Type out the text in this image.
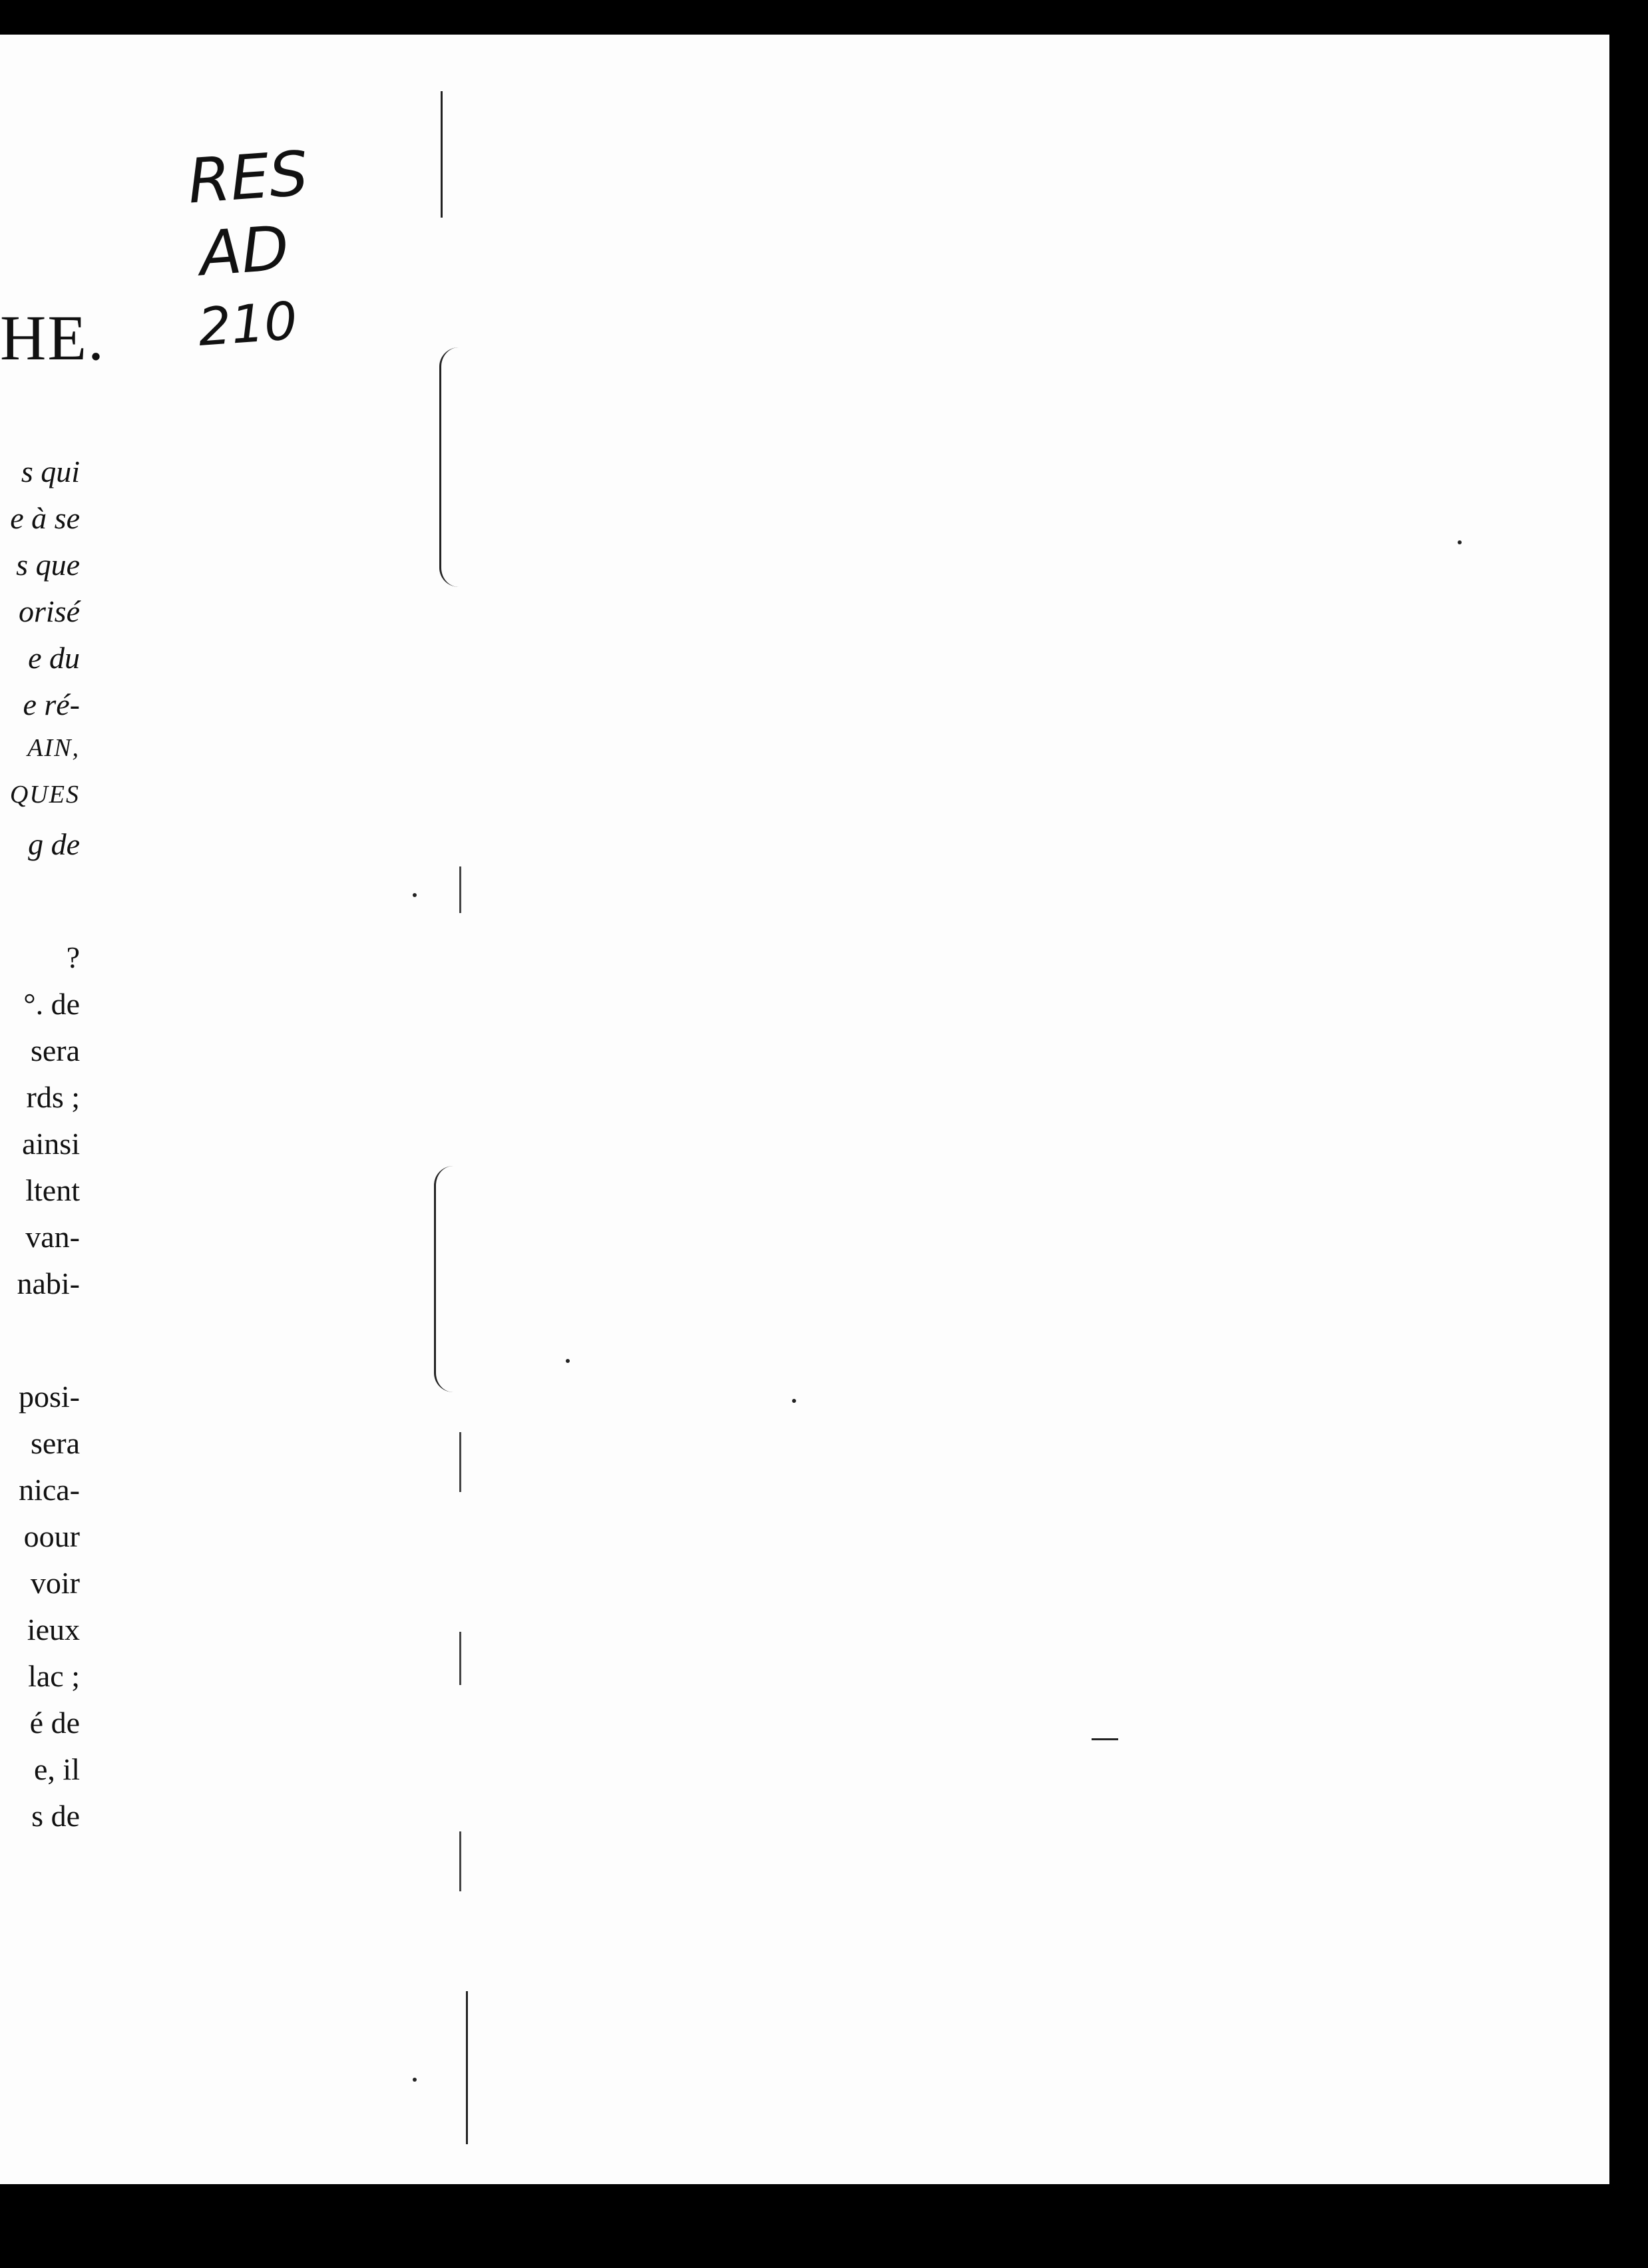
RES
AD
210
HE.
s qui
e à se
s que
orisé
e du
e ré-
AIN,
QUES
g de
?
°. de
sera
rds ;
ainsi
ltent
van-
nabi-
posi-
sera
nica-
oour
voir
ieux
lac ;
é de
e, il
s de
